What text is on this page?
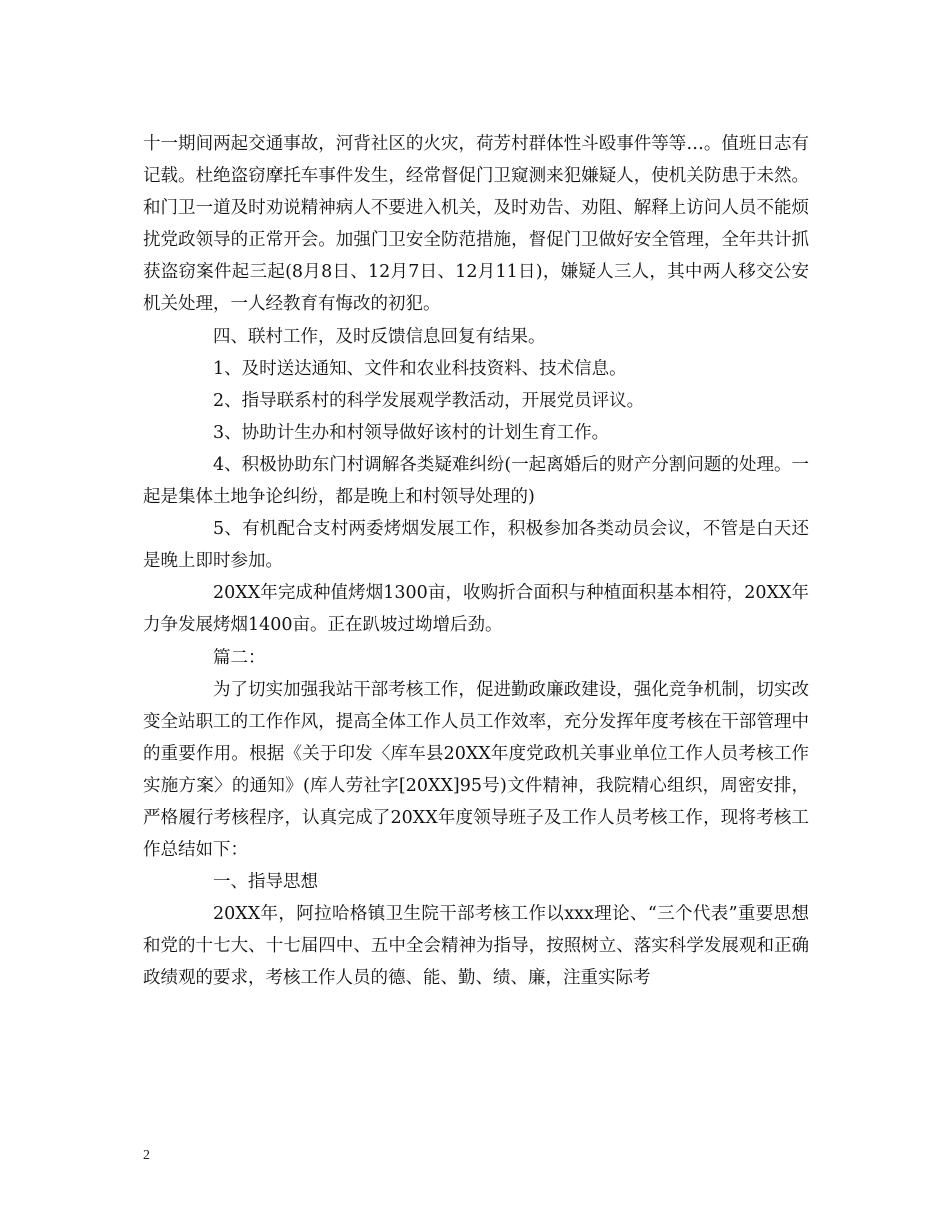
十一期间两起交通事故，河背社区的火灾，荷芳村群体性斗殴事件等等…。值班日志有记载。杜绝盗窃摩托车事件发生，经常督促门卫窥测来犯嫌疑人，使机关防患于未然。和门卫一道及时劝说精神病人不要进入机关，及时劝告、劝阻、解释上访问人员不能烦扰党政领导的正常开会。加强门卫安全防范措施，督促门卫做好安全管理，全年共计抓获盗窃案件起三起(8月8日、12月7日、12月11日)，嫌疑人三人，其中两人移交公安机关处理，一人经教育有悔改的初犯。

四、联村工作，及时反馈信息回复有结果。

1、及时送达通知、文件和农业科技资料、技术信息。

2、指导联系村的科学发展观学教活动，开展党员评议。

3、协助计生办和村领导做好该村的计划生育工作。

4、积极协助东门村调解各类疑难纠纷(一起离婚后的财产分割问题的处理。一起是集体土地争论纠纷，都是晚上和村领导处理的)

5、有机配合支村两委烤烟发展工作，积极参加各类动员会议，不管是白天还是晚上即时参加。

20XX年完成种值烤烟1300亩，收购折合面积与种植面积基本相符，20XX年力争发展烤烟1400亩。正在趴坡过坳增后劲。

篇二：

为了切实加强我站干部考核工作，促进勤政廉政建设，强化竞争机制，切实改变全站职工的工作作风，提高全体工作人员工作效率，充分发挥年度考核在干部管理中的重要作用。根据《关于印发〈库车县20XX年度党政机关事业单位工作人员考核工作实施方案〉的通知》(库人劳社字[20XX]95号)文件精神，我院精心组织，周密安排，严格履行考核程序，认真完成了20XX年度领导班子及工作人员考核工作，现将考核工作总结如下：

一、指导思想

20XX年，阿拉哈格镇卫生院干部考核工作以xxx理论、“三个代表”重要思想和党的十七大、十七届四中、五中全会精神为指导，按照树立、落实科学发展观和正确政绩观的要求，考核工作人员的德、能、勤、绩、廉，注重实际考

2
